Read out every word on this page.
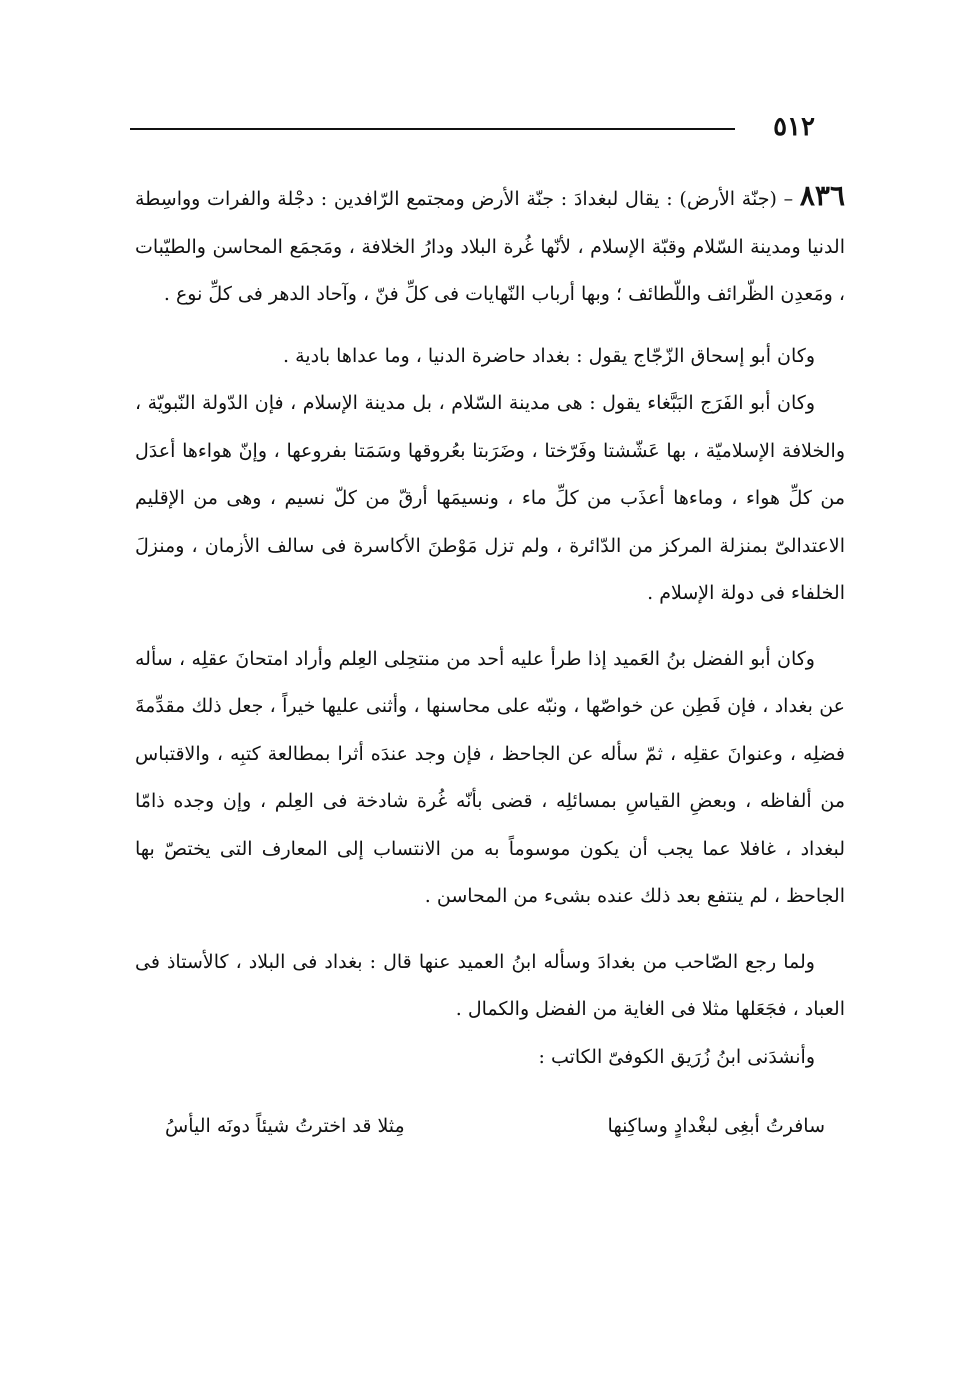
٥١٢

٨٣٦ – (جنّة الأرض) : يقال لبغدادَ : جنّة الأرض ومجتمع الرّافدين : دجْلة والفرات وواسِطة الدنيا ومدينة السّلام وقبّة الإسلام ، لأنّها غُرة البلاد ودارُ الخلافة ، ومَجمَع المحاسن والطيّبات ، ومَعدِن الظّرائف واللّطائف ؛ وبها أرباب النّهايات فى كلِّ فنّ ، وآحاد الدهر فى كلِّ نوع .

وكان أبو إسحاق الزّجّاج يقول : بغداد حاضرة الدنيا ، وما عداها بادية .

وكان أبو الفَرَج البَبَّغاء يقول : هى مدينة السّلام ، بل مدينة الإسلام ، فإن الدّولة النّبويّة ، والخلافة الإسلاميّة ، بها عَشّشتا وفَرّختا ، وضَرَبتا بعُروقها وسَمَتا بفروعها ، وإنّ هواءها أعدَل من كلِّ هواء ، وماءها أعذَب من كلِّ ماء ، ونسيمَها أرقّ من كلّ نسيم ، وهى من الإقليم الاعتدالىّ بمنزلة المركز من الدّائرة ، ولم تزل مَوْطنَ الأكاسرة فى سالف الأزمان ، ومنزلَ الخلفاء فى دولة الإسلام .

وكان أبو الفضل بنُ العَميد إذا طرأ عليه أحد من منتحِلى العِلم وأراد امتحانَ عقلِه ، سأله عن بغداد ، فإن فَطِن عن خواصّها ، ونبّه على محاسنها ، وأثنى عليها خيراً ، جعل ذلك مقدِّمةَ فضلِه ، وعنوانَ عقلِه ، ثمّ سأله عن الجاحظ ، فإن وجد عندَه أثرا بمطالعة كتبِه ، والاقتباس من ألفاظه ، وبعضِ القياسِ بمسائلِه ، قضى بأنّه غُرة شادخة فى العِلم ، وإن وجده ذامّا لبغداد ، غافلا عما يجب أن يكون موسوماً به من الانتساب إلى المعارف التى يختصّ بها الجاحظ ، لم ينتفع بعد ذلك عنده بشىء من المحاسن .

ولما رجع الصّاحب من بغدادَ وسأله ابنُ العميد عنها قال : بغداد فى البلاد ، كالأستاذ فى العباد ، فجَعَلها مثلا فى الغاية من الفضل والكمال .

وأنشدَنى ابنُ زُرَيق الكوفىّ الكاتب :

سافرتُ أبغِى لبغْدادٍ وساكِنها
مِثلا قد اخترتُ شيئاً دونَه اليأسُ
